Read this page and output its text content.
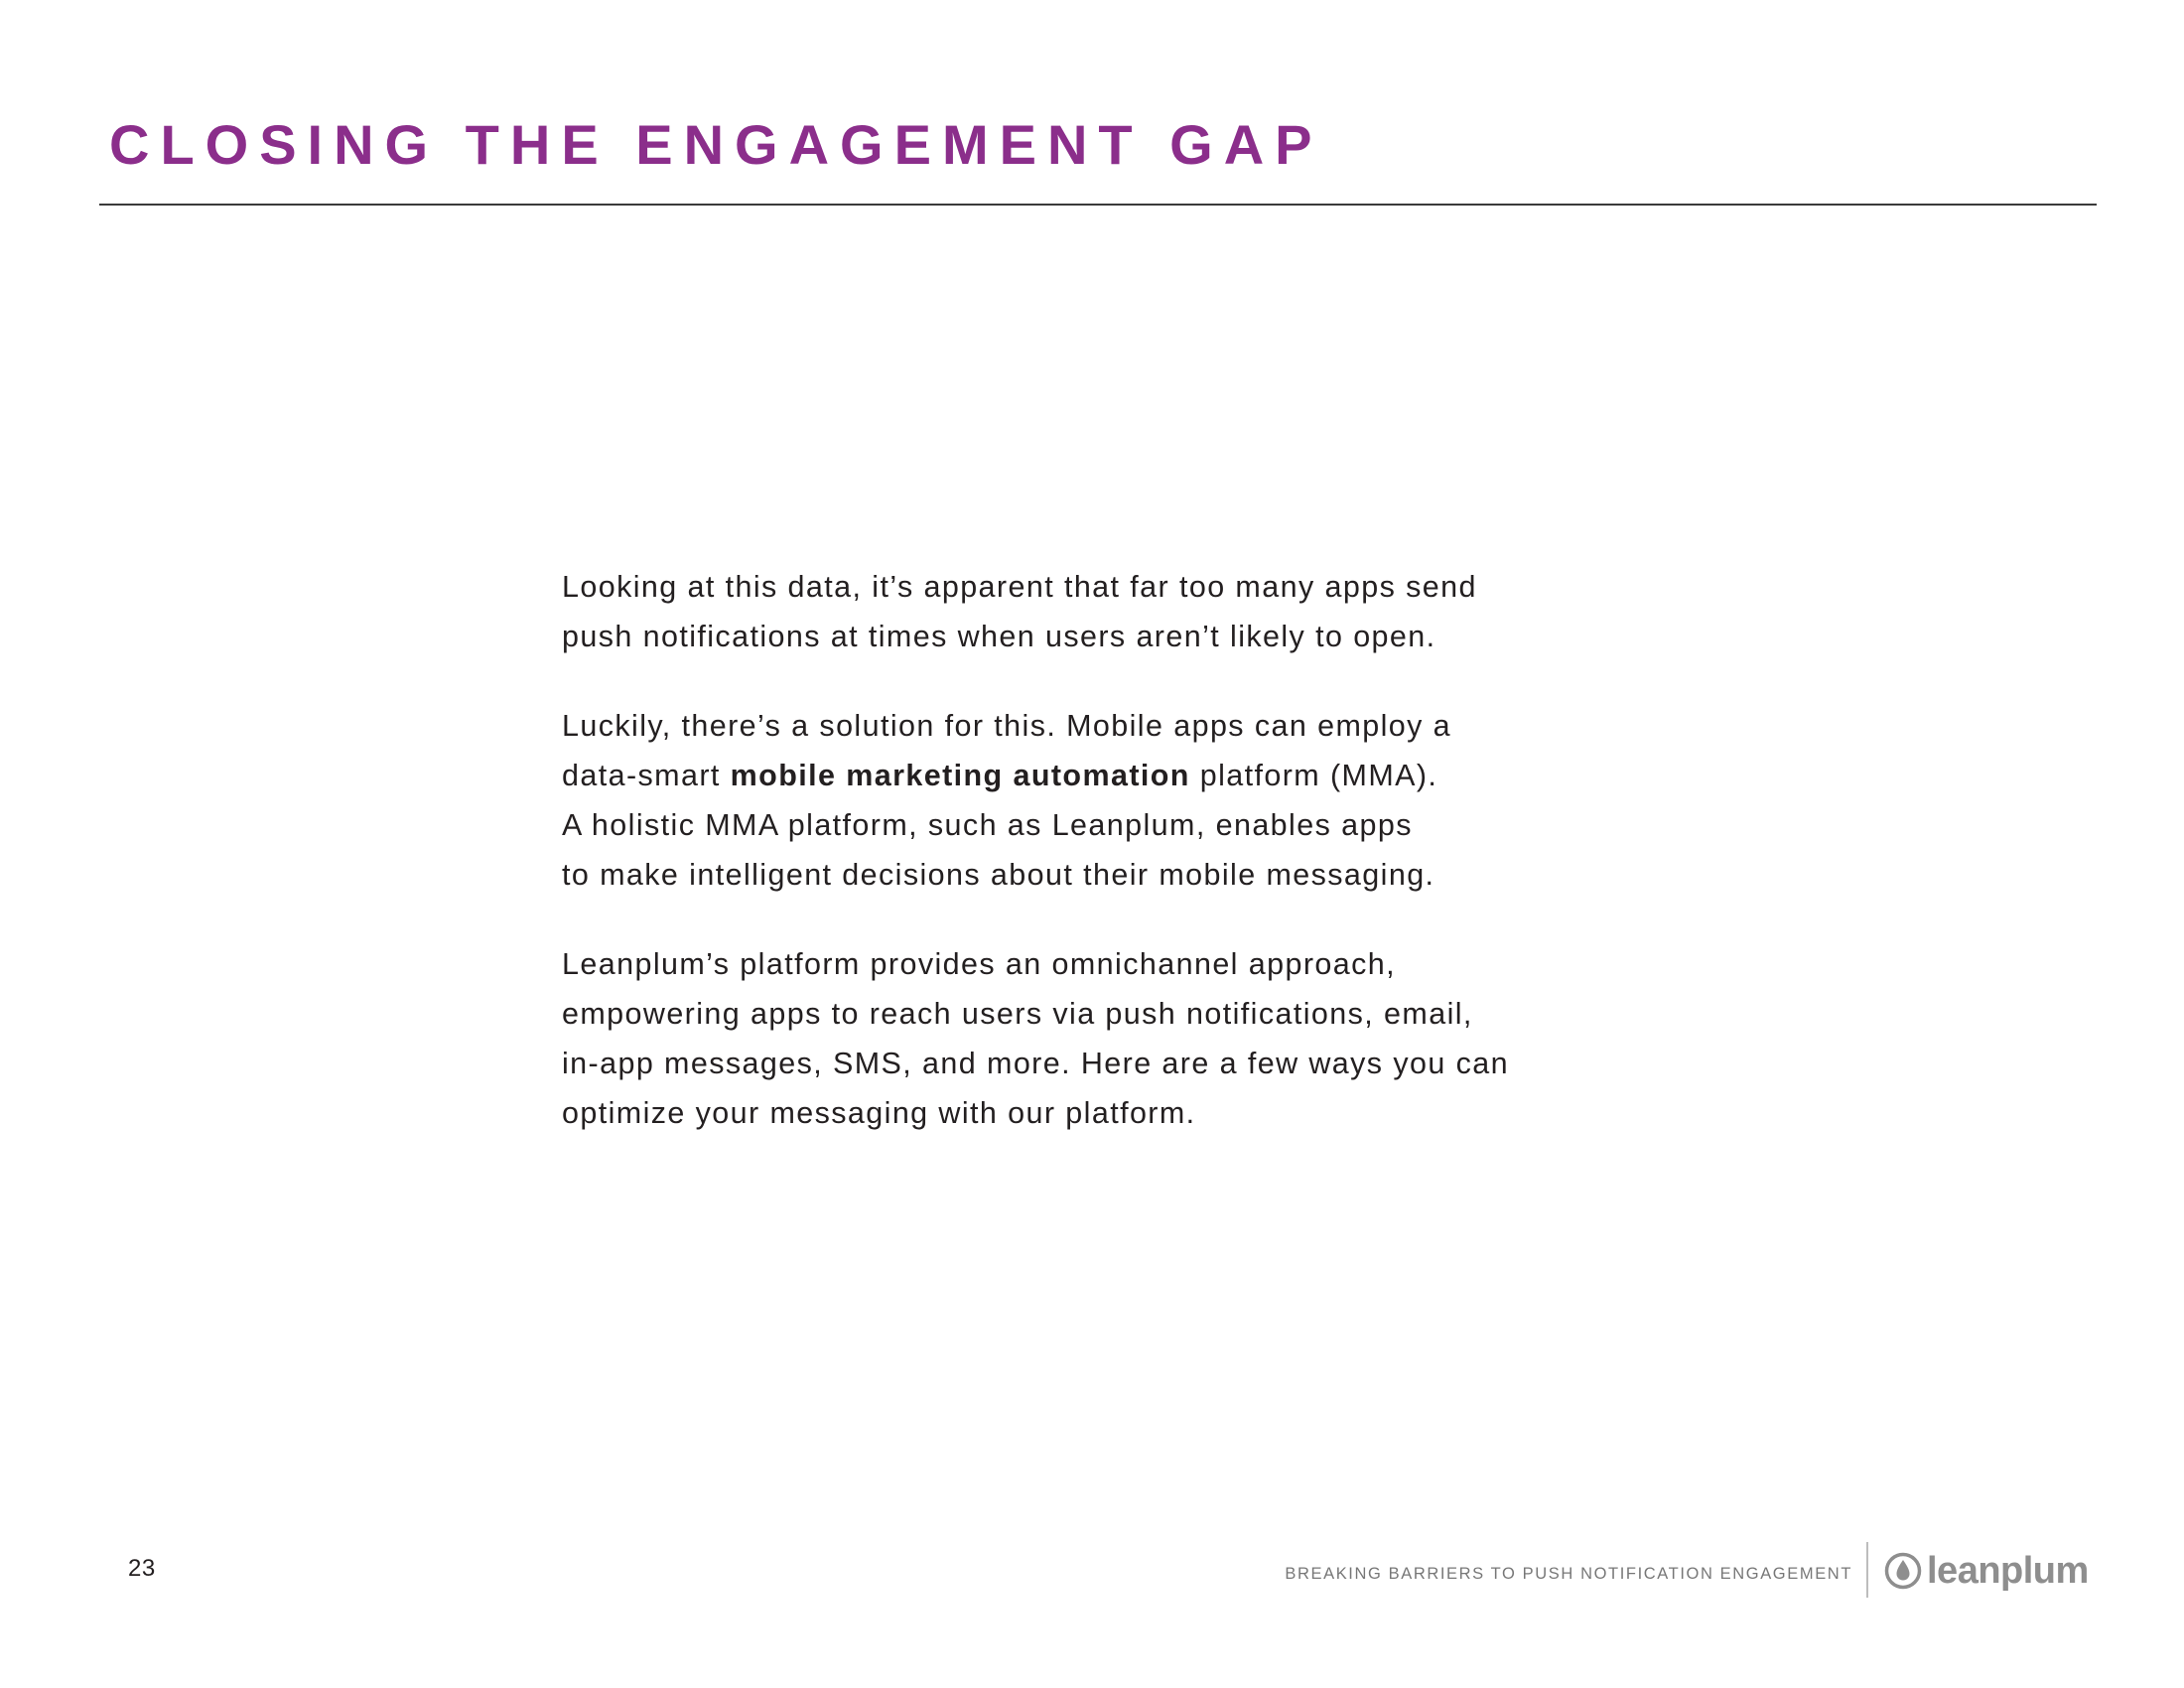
CLOSING THE ENGAGEMENT GAP

Looking at this data, it’s apparent that far too many apps send
push notifications at times when users aren’t likely to open.

Luckily, there’s a solution for this. Mobile apps can employ a
data-smart mobile marketing automation platform (MMA).
A holistic MMA platform, such as Leanplum, enables apps
to make intelligent decisions about their mobile messaging.

Leanplum’s platform provides an omnichannel approach,
empowering apps to reach users via push notifications, email,
in-app messages, SMS, and more. Here are a few ways you can
optimize your messaging with our platform.

23	BREAKING BARRIERS TO PUSH NOTIFICATION ENGAGEMENT leanplum
